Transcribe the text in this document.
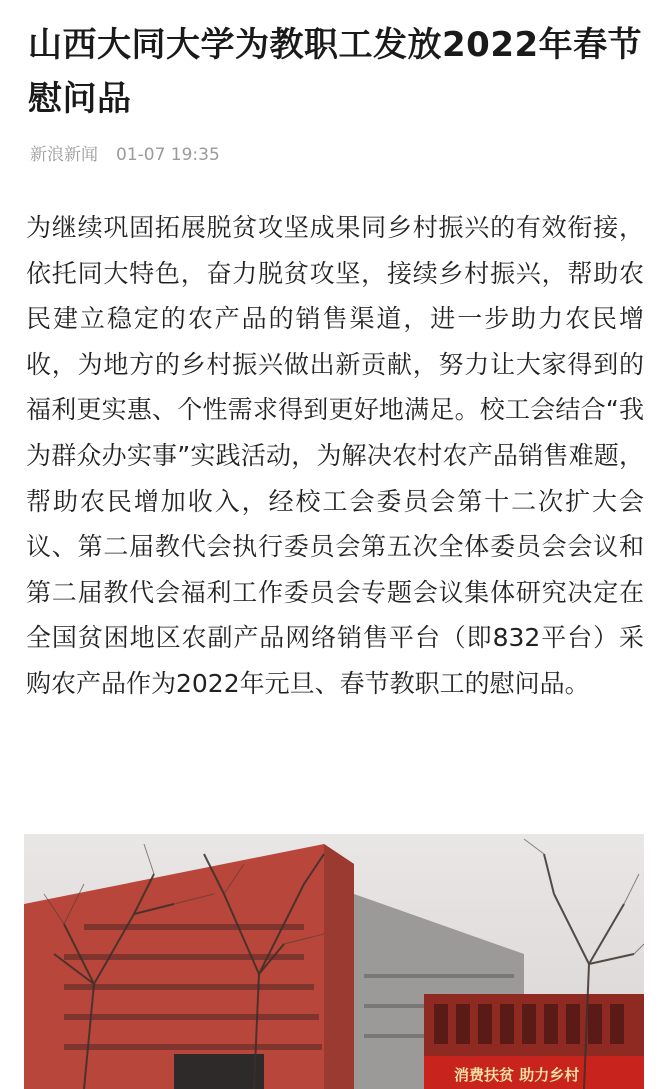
山西大同大学为教职工发放2022年春节慰问品
新浪新闻 01-07 19:35

为继续巩固拓展脱贫攻坚成果同乡村振兴的有效衔接，依托同大特色，奋力脱贫攻坚，接续乡村振兴，帮助农民建立稳定的农产品的销售渠道，进一步助力农民增收，为地方的乡村振兴做出新贡献，努力让大家得到的福利更实惠、个性需求得到更好地满足。校工会结合“我为群众办实事”实践活动，为解决农村农产品销售难题，帮助农民增加收入，经校工会委员会第十二次扩大会议、第二届教代会执行委员会第五次全体委员会会议和第二届教代会福利工作委员会专题会议集体研究决定在全国贫困地区农副产品网络销售平台（即832平台）采购农产品作为2022年元旦、春节教职工的慰问品。

消费扶贫 助力乡村
